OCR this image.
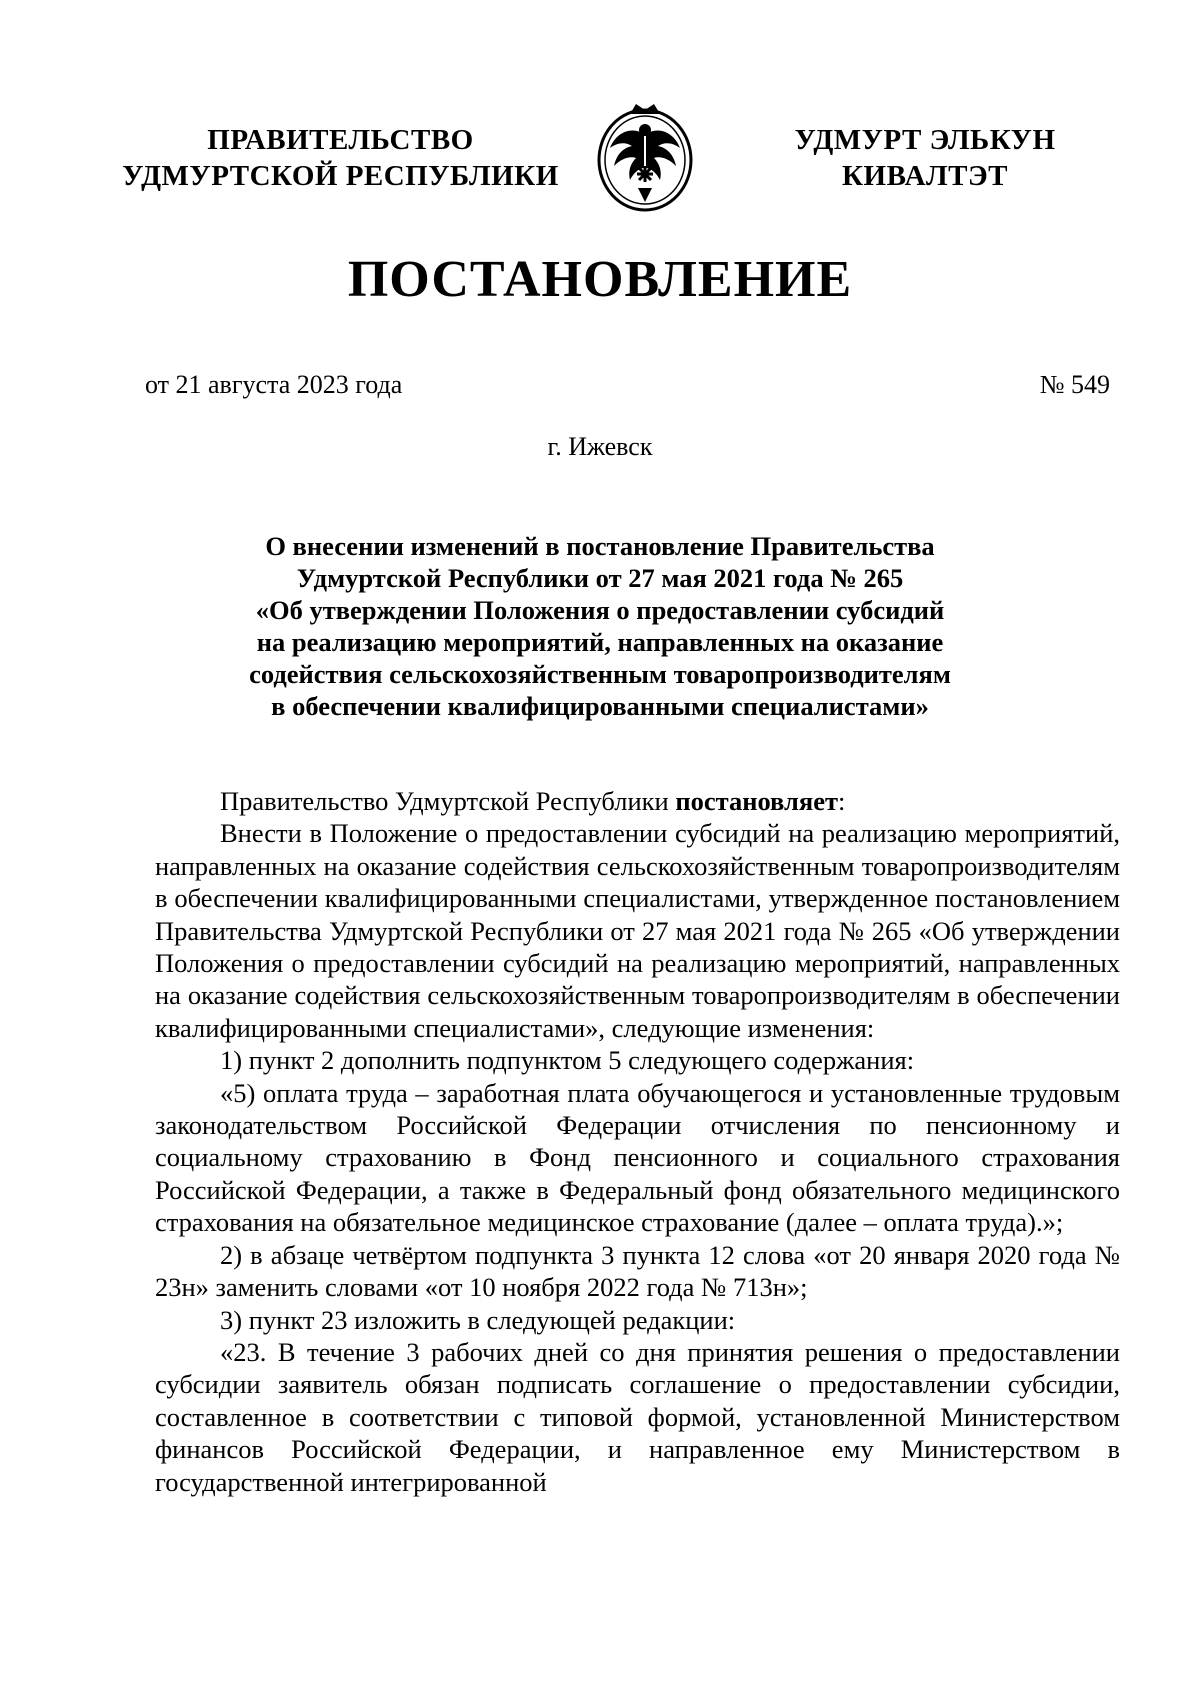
ПРАВИТЕЛЬСТВО
УДМУРТСКОЙ РЕСПУБЛИКИ
УДМУРТ ЭЛЬКУН
КИВАЛТЭТ
ПОСТАНОВЛЕНИЕ
от 21 августа 2023 года	№ 549
г. Ижевск
О внесении изменений в постановление Правительства
Удмуртской Республики от 27 мая 2021 года № 265
«Об утверждении Положения о предоставлении субсидий
на реализацию мероприятий, направленных на оказание
содействия сельскохозяйственным товаропроизводителям
в обеспечении квалифицированными специалистами»

Правительство Удмуртской Республики постановляет:

Внести в Положение о предоставлении субсидий на реализацию мероприятий, направленных на оказание содействия сельскохозяйственным товаропроизводителям в обеспечении квалифицированными специалистами, утвержденное постановлением Правительства Удмуртской Республики от 27 мая 2021 года № 265 «Об утверждении Положения о предоставлении субсидий на реализацию мероприятий, направленных на оказание содействия сельскохозяйственным товаропроизводителям в обеспечении квалифицированными специалистами», следующие изменения:

1) пункт 2 дополнить подпунктом 5 следующего содержания:

«5) оплата труда – заработная плата обучающегося и установленные трудовым законодательством Российской Федерации отчисления по пенсионному и социальному страхованию в Фонд пенсионного и социального страхования Российской Федерации, а также в Федеральный фонд обязательного медицинского страхования на обязательное медицинское страхование (далее – оплата труда).»;

2) в абзаце четвёртом подпункта 3 пункта 12 слова «от 20 января 2020 года № 23н» заменить словами «от 10 ноября 2022 года № 713н»;

3) пункт 23 изложить в следующей редакции:

«23. В течение 3 рабочих дней со дня принятия решения о предоставлении субсидии заявитель обязан подписать соглашение о предоставлении субсидии, составленное в соответствии с типовой формой, установленной Министерством финансов Российской Федерации, и направленное ему Министерством в государственной интегрированной
